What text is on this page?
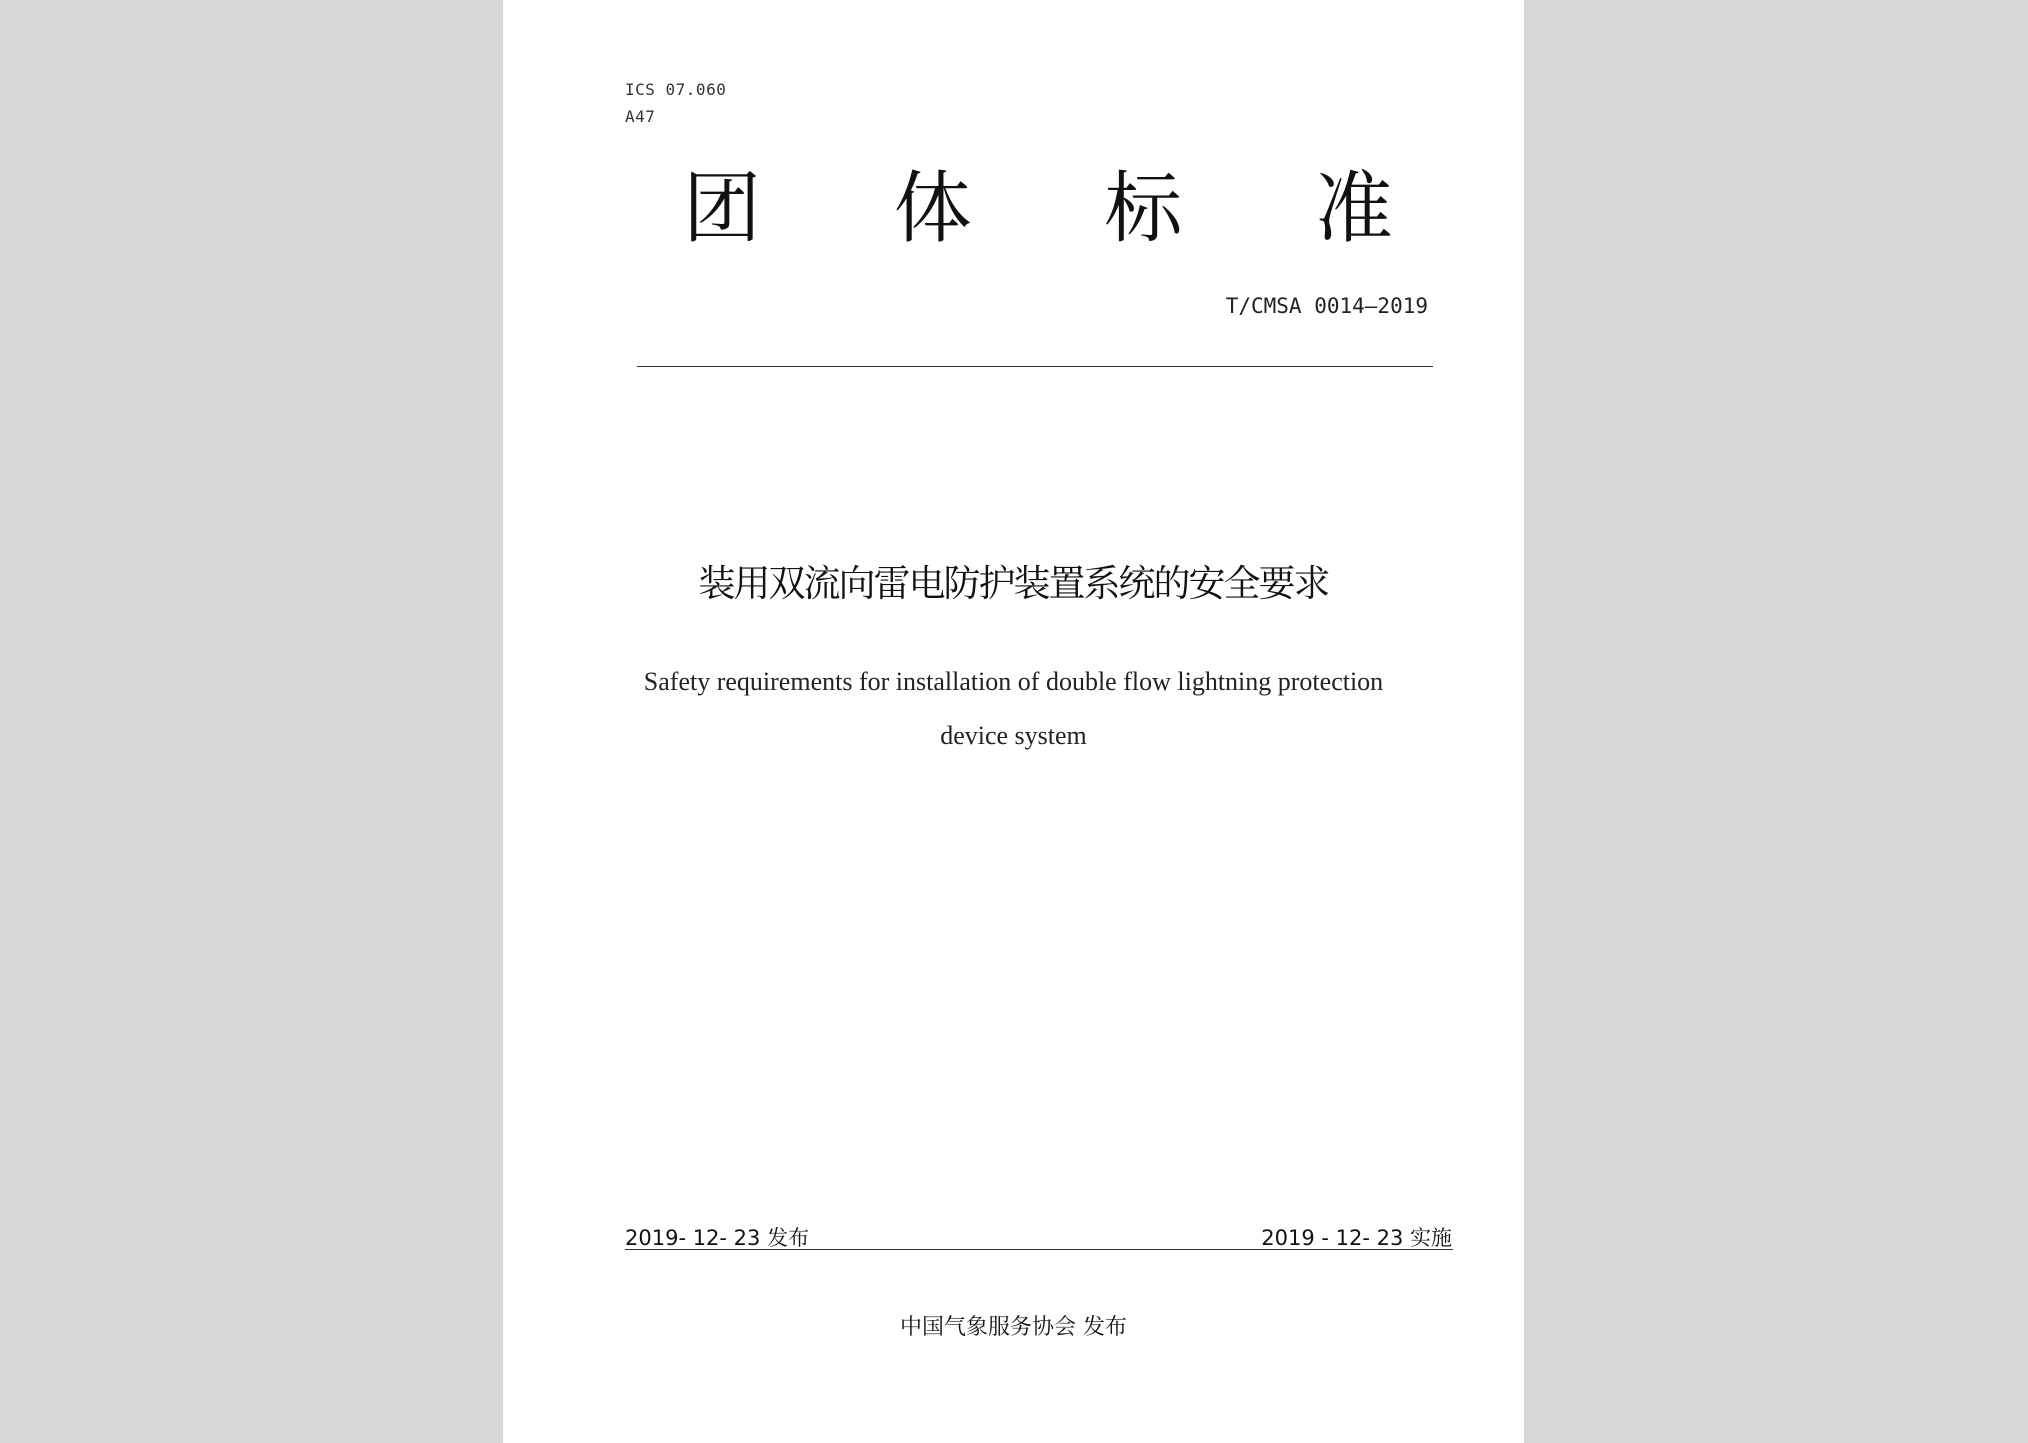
ICS 07.060
A47
团 体 标 准
T/CMSA 0014—2019
装用双流向雷电防护装置系统的安全要求
Safety requirements for installation of double flow lightning protection
device system
2019- 12- 23 发布	2019 - 12- 23 实施
中国气象服务协会 发布
